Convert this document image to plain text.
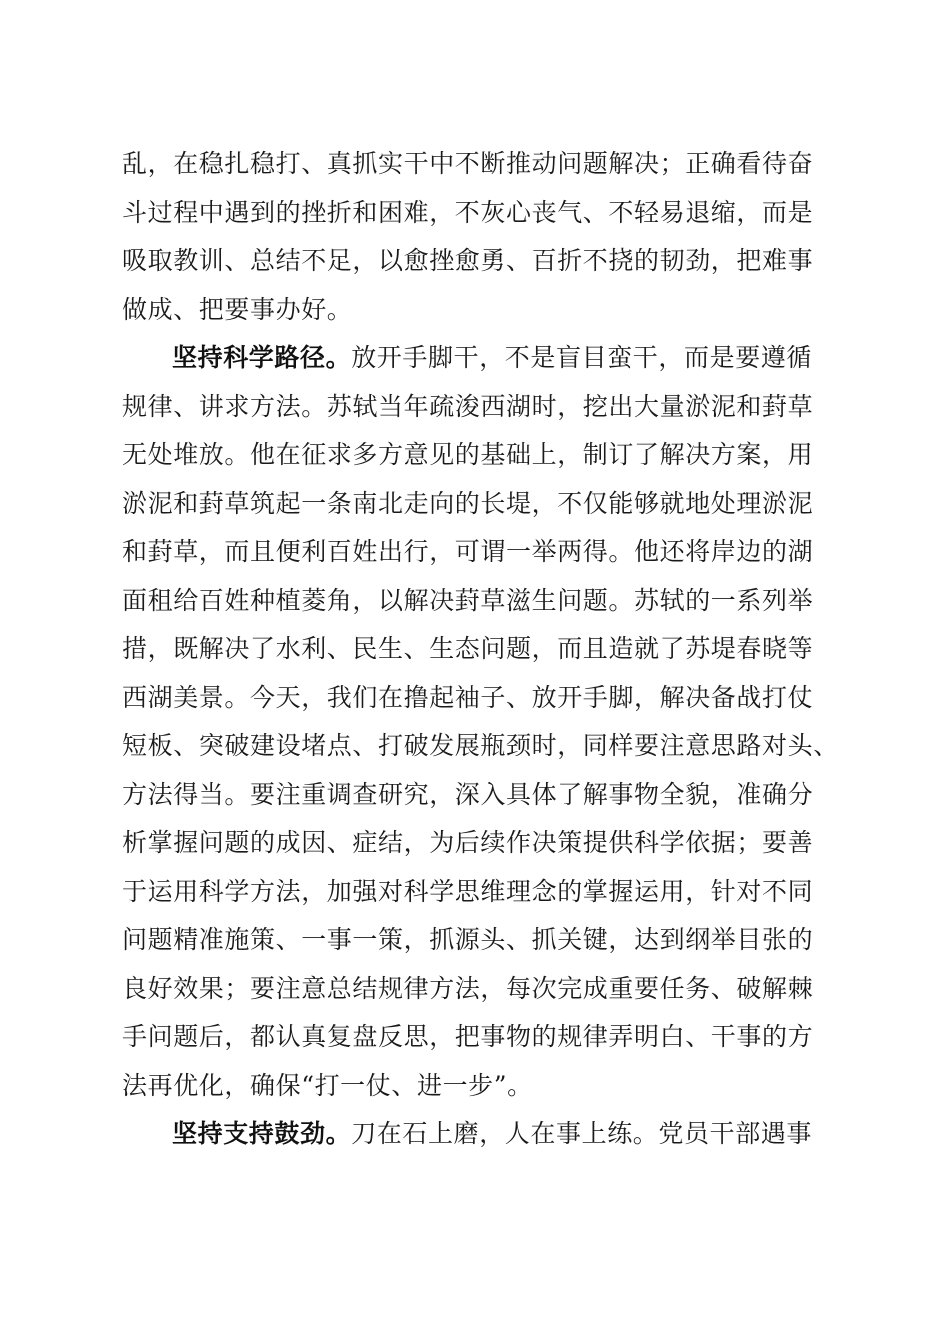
乱，在稳扎稳打、真抓实干中不断推动问题解决；正确看待奋
斗过程中遇到的挫折和困难，不灰心丧气、不轻易退缩，而是
吸取教训、总结不足，以愈挫愈勇、百折不挠的韧劲，把难事
做成、把要事办好。
坚持科学路径。放开手脚干，不是盲目蛮干，而是要遵循
规律、讲求方法。苏轼当年疏浚西湖时，挖出大量淤泥和葑草
无处堆放。他在征求多方意见的基础上，制订了解决方案，用
淤泥和葑草筑起一条南北走向的长堤，不仅能够就地处理淤泥
和葑草，而且便利百姓出行，可谓一举两得。他还将岸边的湖
面租给百姓种植菱角，以解决葑草滋生问题。苏轼的一系列举
措，既解决了水利、民生、生态问题，而且造就了苏堤春晓等
西湖美景。今天，我们在撸起袖子、放开手脚，解决备战打仗
短板、突破建设堵点、打破发展瓶颈时，同样要注意思路对头、
方法得当。要注重调查研究，深入具体了解事物全貌，准确分
析掌握问题的成因、症结，为后续作决策提供科学依据；要善
于运用科学方法，加强对科学思维理念的掌握运用，针对不同
问题精准施策、一事一策，抓源头、抓关键，达到纲举目张的
良好效果；要注意总结规律方法，每次完成重要任务、破解棘
手问题后，都认真复盘反思，把事物的规律弄明白、干事的方
法再优化，确保“打一仗、进一步”。
坚持支持鼓劲。刀在石上磨，人在事上练。党员干部遇事
